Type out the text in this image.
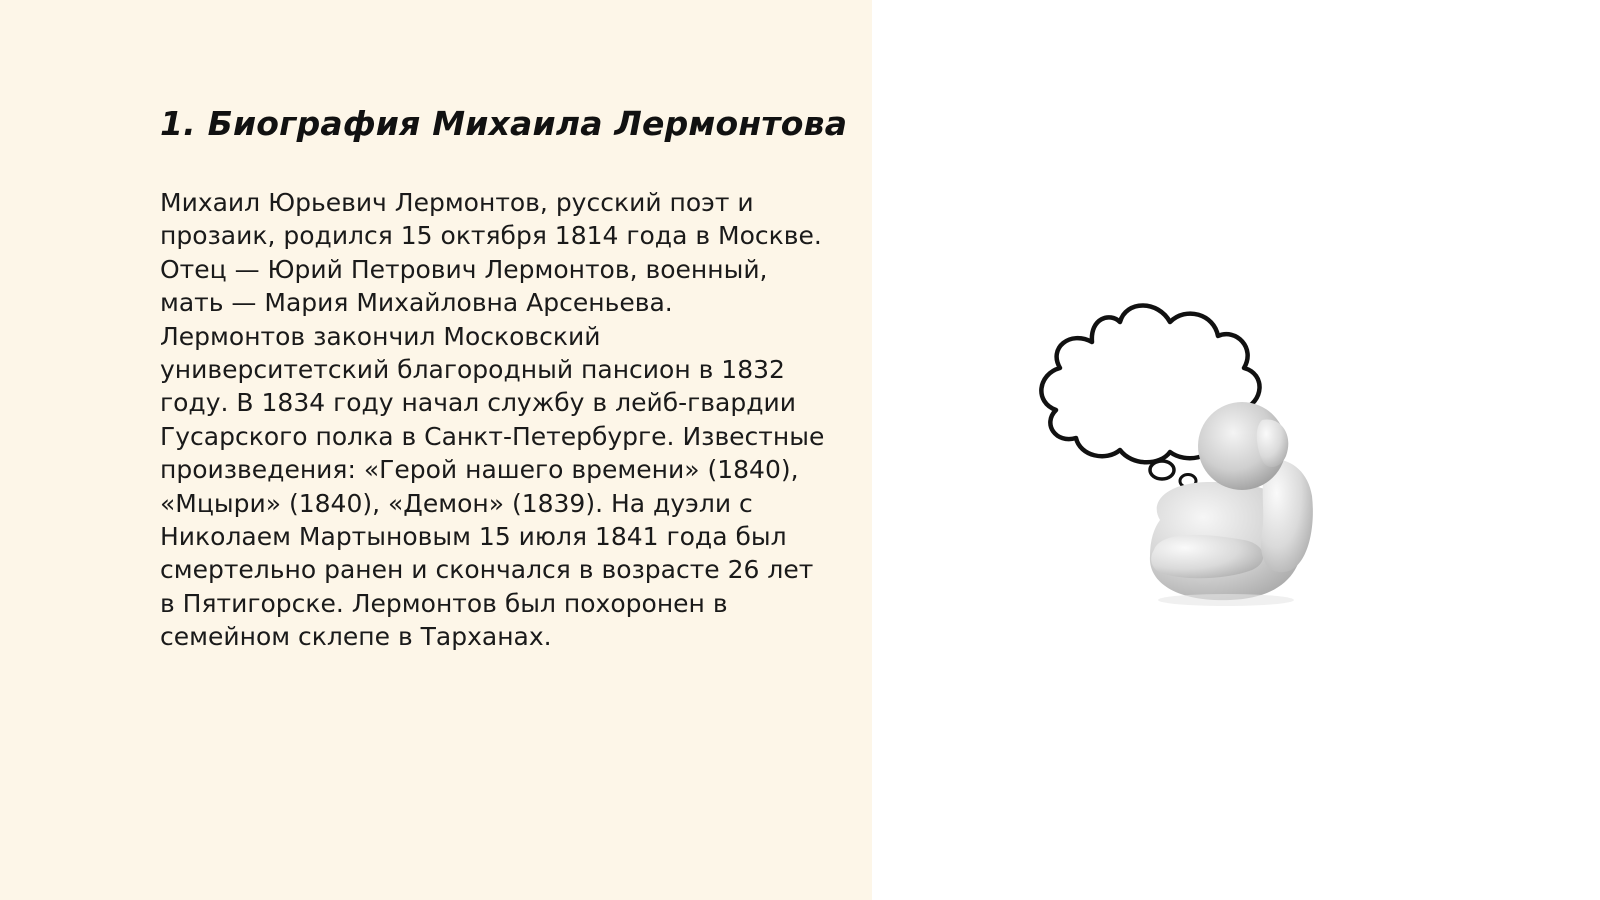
1. Биография Михаила Лермонтова

Михаил Юрьевич Лермонтов, русский поэт и
прозаик, родился 15 октября 1814 года в Москве.
Отец — Юрий Петрович Лермонтов, военный,
мать — Мария Михайловна Арсеньева.
Лермонтов закончил Московский
университетский благородный пансион в 1832
году. В 1834 году начал службу в лейб-гвардии
Гусарского полка в Санкт-Петербурге. Известные
произведения: «Герой нашего времени» (1840),
«Мцыри» (1840), «Демон» (1839). На дуэли с
Николаем Мартыновым 15 июля 1841 года был
смертельно ранен и скончался в возрасте 26 лет
в Пятигорске. Лермонтов был похоронен в
семейном склепе в Тарханах.
